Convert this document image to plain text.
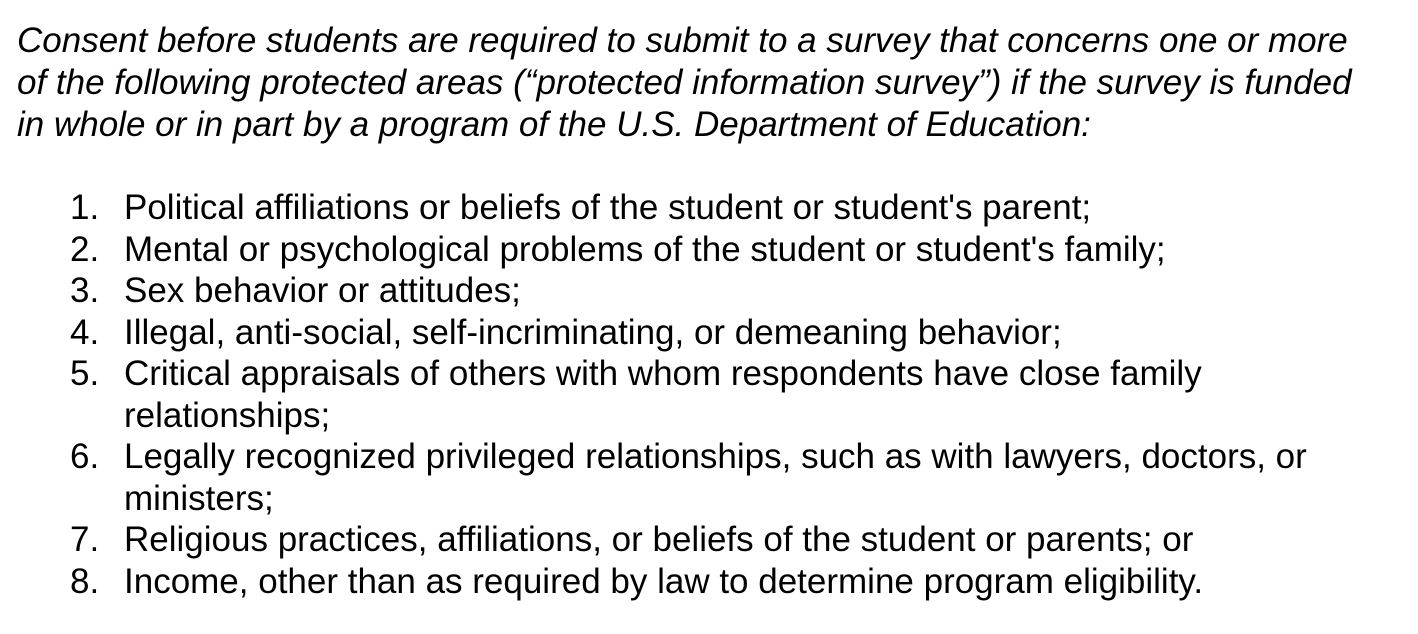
Consent before students are required to submit to a survey that concerns one or more
of the following protected areas (“protected information survey”) if the survey is funded
in whole or in part by a program of the U.S. Department of Education:

1. Political affiliations or beliefs of the student or student's parent;
2. Mental or psychological problems of the student or student's family;
3. Sex behavior or attitudes;
4. Illegal, anti-social, self-incriminating, or demeaning behavior;
5. Critical appraisals of others with whom respondents have close family
relationships;
6. Legally recognized privileged relationships, such as with lawyers, doctors, or
ministers;
7. Religious practices, affiliations, or beliefs of the student or parents; or
8. Income, other than as required by law to determine program eligibility.
